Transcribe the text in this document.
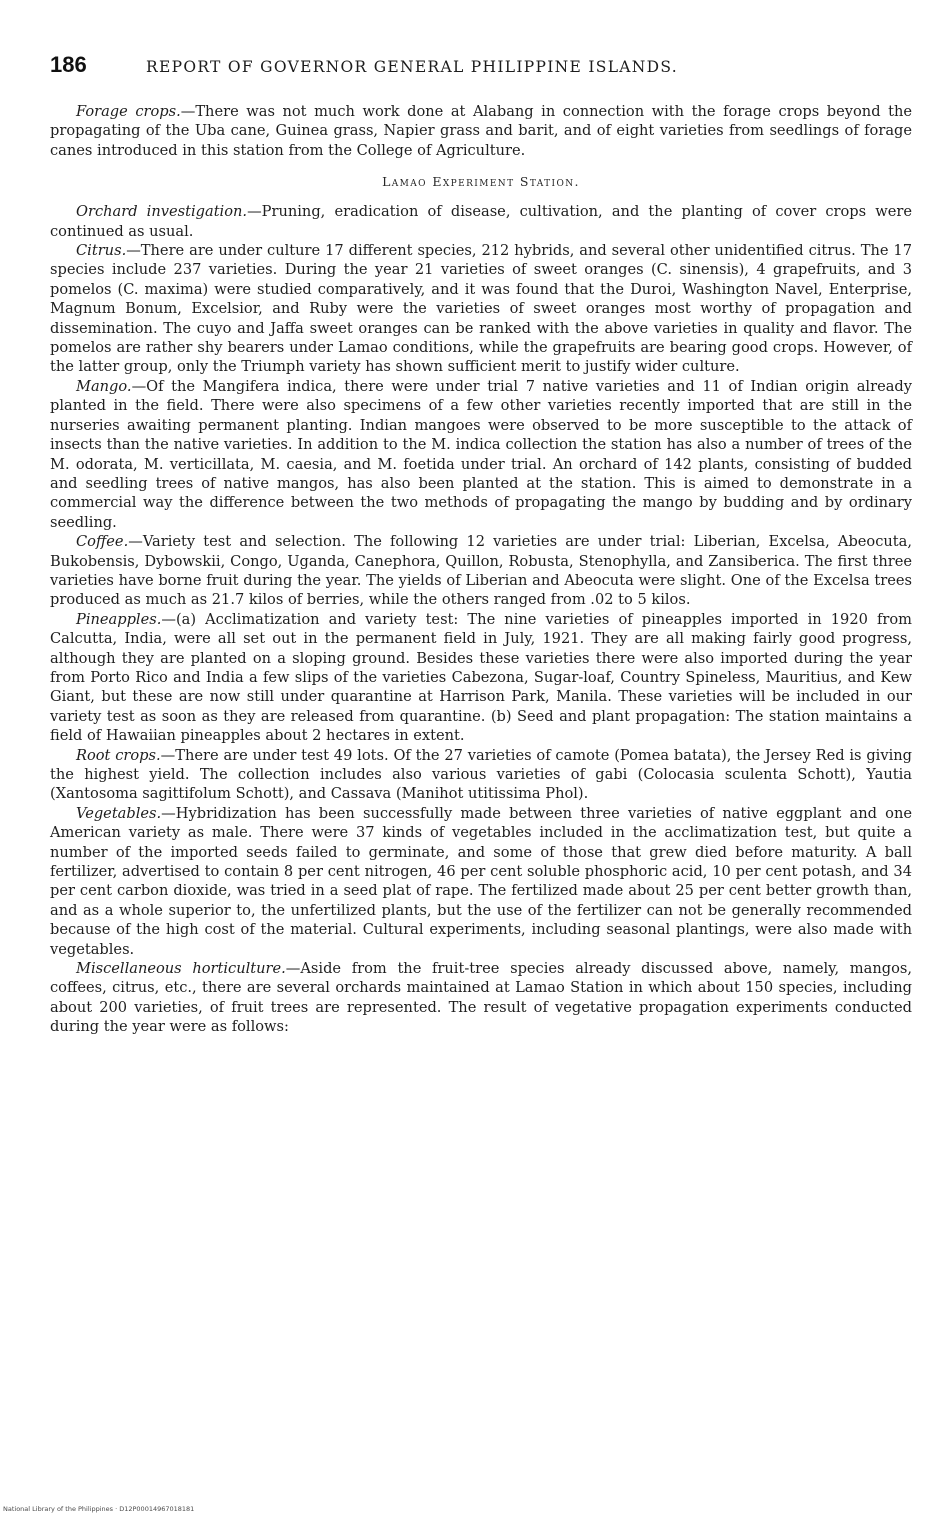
186	REPORT OF GOVERNOR GENERAL PHILIPPINE ISLANDS.

Forage crops.—There was not much work done at Alabang in connection with the forage crops beyond the propagating of the Uba cane, Guinea grass, Napier grass and barit, and of eight varieties from seedlings of forage canes introduced in this station from the College of Agriculture.

Lamao Experiment Station.

Orchard investigation.—Pruning, eradication of disease, cultivation, and the planting of cover crops were continued as usual.

Citrus.—There are under culture 17 different species, 212 hybrids, and several other unidentified citrus. The 17 species include 237 varieties. During the year 21 varieties of sweet oranges (C. sinensis), 4 grapefruits, and 3 pomelos (C. maxima) were studied comparatively, and it was found that the Duroi, Washington Navel, Enterprise, Magnum Bonum, Excelsior, and Ruby were the varieties of sweet oranges most worthy of propagation and dissemination. The cuyo and Jaffa sweet oranges can be ranked with the above varieties in quality and flavor. The pomelos are rather shy bearers under Lamao conditions, while the grapefruits are bearing good crops. However, of the latter group, only the Triumph variety has shown sufficient merit to justify wider culture.

Mango.—Of the Mangifera indica, there were under trial 7 native varieties and 11 of Indian origin already planted in the field. There were also specimens of a few other varieties recently imported that are still in the nurseries awaiting permanent planting. Indian mangoes were observed to be more susceptible to the attack of insects than the native varieties. In addition to the M. indica collection the station has also a number of trees of the M. odorata, M. verticillata, M. caesia, and M. foetida under trial. An orchard of 142 plants, consisting of budded and seedling trees of native mangos, has also been planted at the station. This is aimed to demonstrate in a commercial way the difference between the two methods of propagating the mango by budding and by ordinary seedling.

Coffee.—Variety test and selection. The following 12 varieties are under trial: Liberian, Excelsa, Abeocuta, Bukobensis, Dybowskii, Congo, Uganda, Canephora, Quillon, Robusta, Stenophylla, and Zansiberica. The first three varieties have borne fruit during the year. The yields of Liberian and Abeocuta were slight. One of the Excelsa trees produced as much as 21.7 kilos of berries, while the others ranged from .02 to 5 kilos.

Pineapples.—(a) Acclimatization and variety test: The nine varieties of pineapples imported in 1920 from Calcutta, India, were all set out in the permanent field in July, 1921. They are all making fairly good progress, although they are planted on a sloping ground. Besides these varieties there were also imported during the year from Porto Rico and India a few slips of the varieties Cabezona, Sugar-loaf, Country Spineless, Mauritius, and Kew Giant, but these are now still under quarantine at Harrison Park, Manila. These varieties will be included in our variety test as soon as they are released from quarantine. (b) Seed and plant propagation: The station maintains a field of Hawaiian pineapples about 2 hectares in extent.

Root crops.—There are under test 49 lots. Of the 27 varieties of camote (Pomea batata), the Jersey Red is giving the highest yield. The collection includes also various varieties of gabi (Colocasia sculenta Schott), Yautia (Xantosoma sagittifolum Schott), and Cassava (Manihot utitissima Phol).

Vegetables.—Hybridization has been successfully made between three varieties of native eggplant and one American variety as male. There were 37 kinds of vegetables included in the acclimatization test, but quite a number of the imported seeds failed to germinate, and some of those that grew died before maturity. A ball fertilizer, advertised to contain 8 per cent nitrogen, 46 per cent soluble phosphoric acid, 10 per cent potash, and 34 per cent carbon dioxide, was tried in a seed plat of rape. The fertilized made about 25 per cent better growth than, and as a whole superior to, the unfertilized plants, but the use of the fertilizer can not be generally recommended because of the high cost of the material. Cultural experiments, including seasonal plantings, were also made with vegetables.

Miscellaneous horticulture.—Aside from the fruit-tree species already discussed above, namely, mangos, coffees, citrus, etc., there are several orchards maintained at Lamao Station in which about 150 species, including about 200 varieties, of fruit trees are represented. The result of vegetative propagation experiments conducted during the year were as follows:

National Library of the Philippines · D12P00014967018181
